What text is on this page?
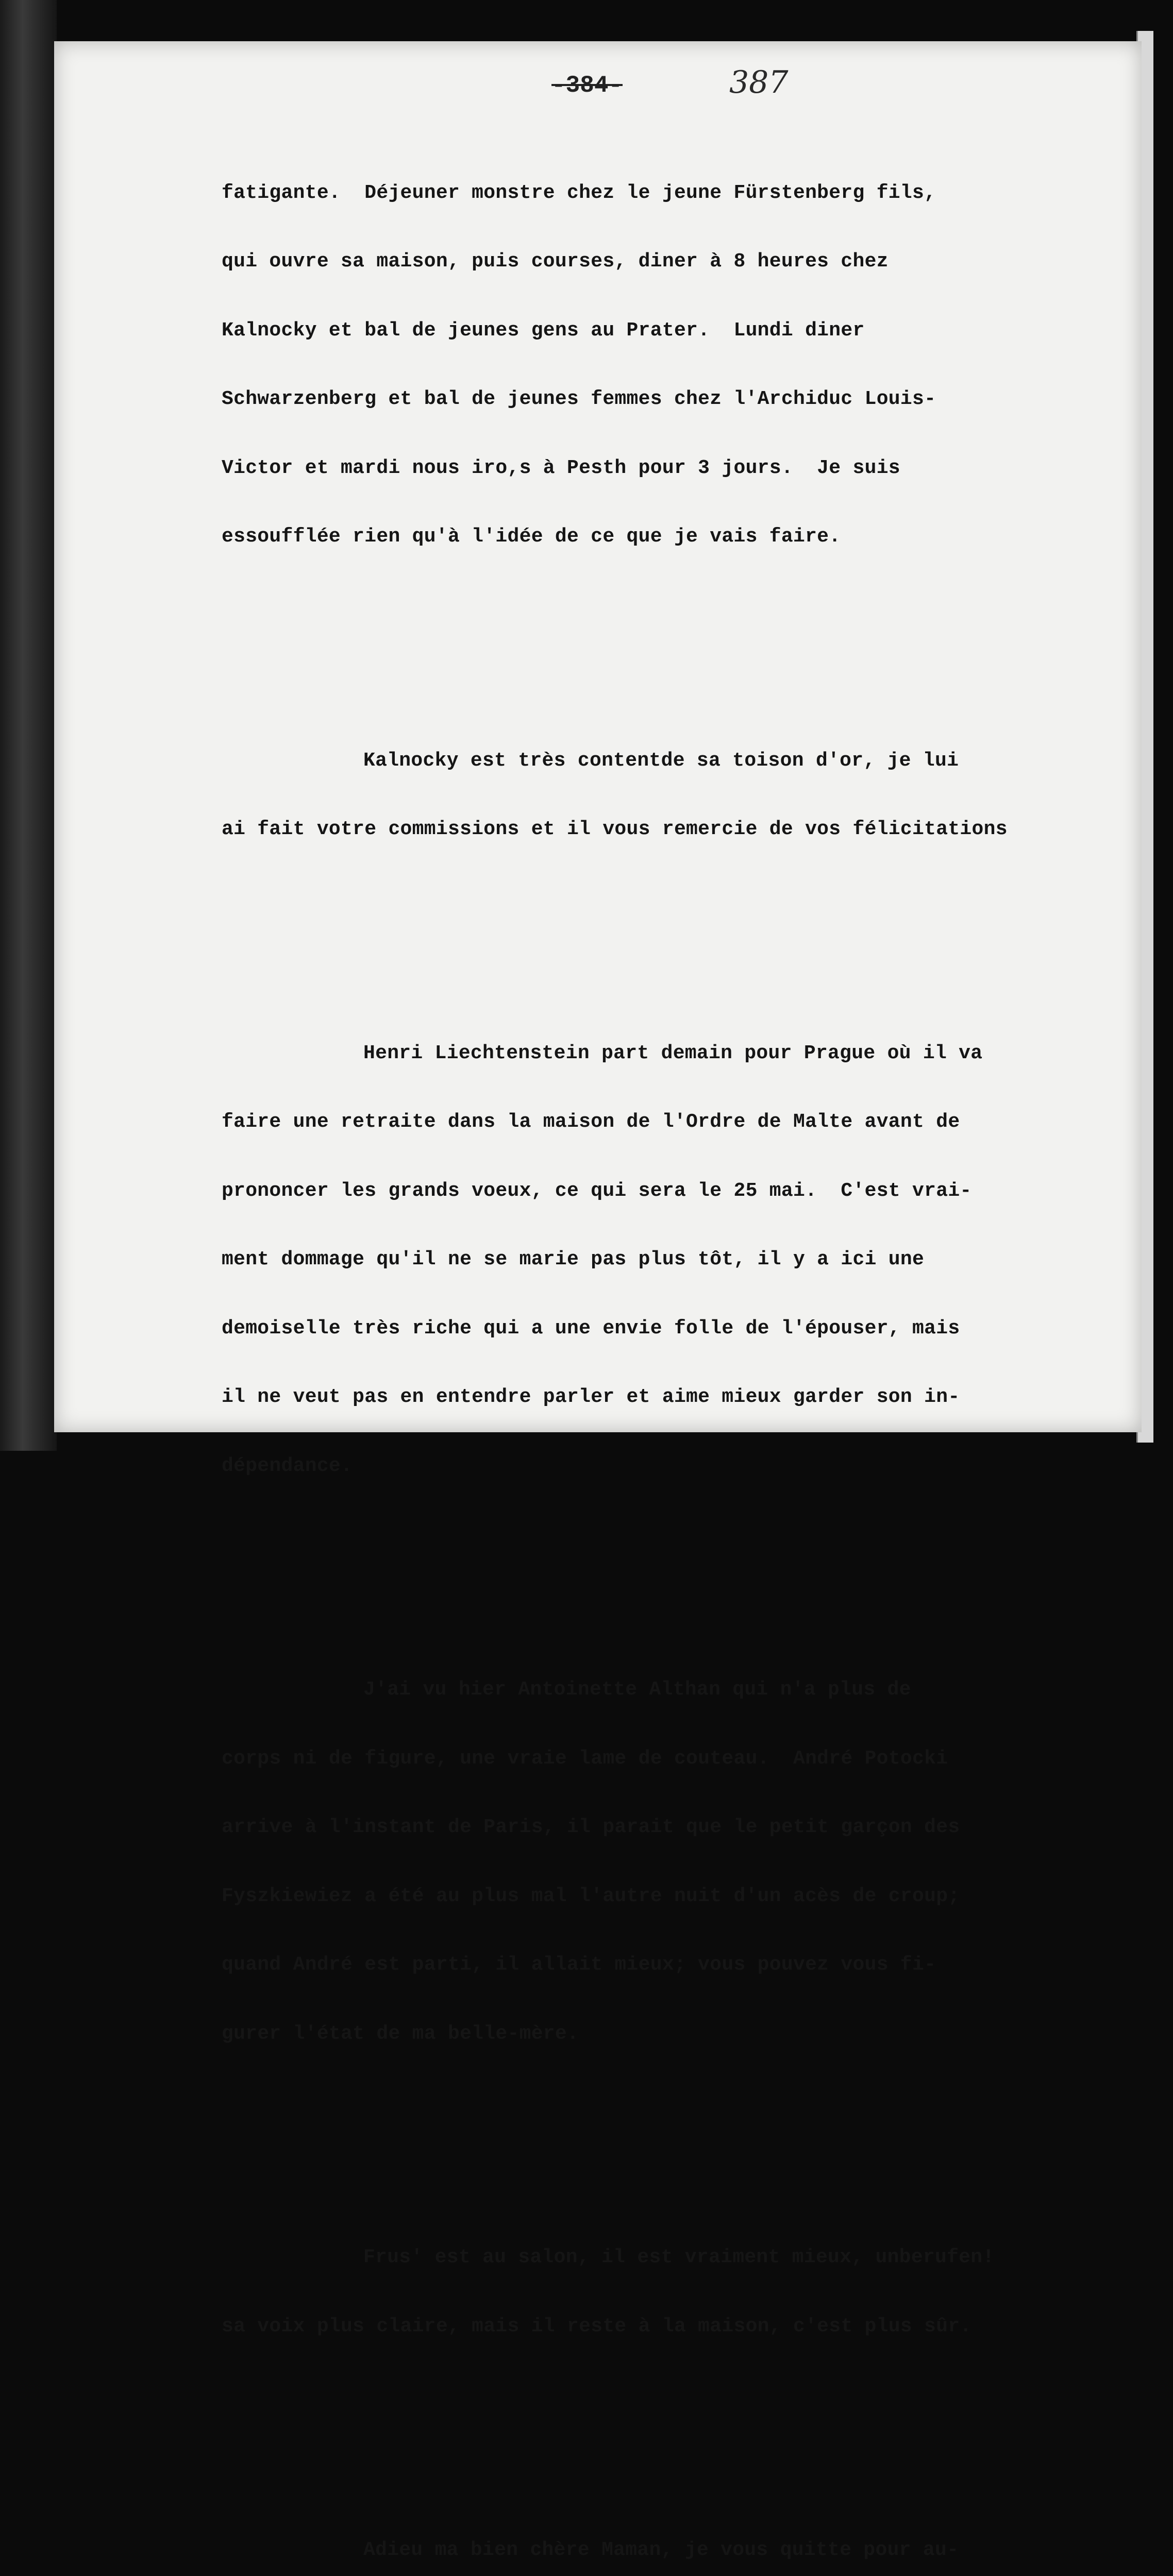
-384-	387

fatigante.  Déjeuner monstre chez le jeune Fürstenberg fils,

qui ouvre sa maison, puis courses, diner à 8 heures chez

Kalnocky et bal de jeunes gens au Prater.  Lundi diner

Schwarzenberg et bal de jeunes femmes chez l'Archiduc Louis-

Victor et mardi nous iro,s à Pesth pour 3 jours.  Je suis

essoufflée rien qu'à l'idée de ce que je vais faire.

Kalnocky est très contentde sa toison d'or, je lui

ai fait votre commissions et il vous remercie de vos félicitations

Henri Liechtenstein part demain pour Prague où il va

faire une retraite dans la maison de l'Ordre de Malte avant de

prononcer les grands voeux, ce qui sera le 25 mai.  C'est vrai-

ment dommage qu'il ne se marie pas plus tôt, il y a ici une

demoiselle très riche qui a une envie folle de l'épouser, mais

il ne veut pas en entendre parler et aime mieux garder son in-

dépendance.

J'ai vu hier Antoinette Althan qui n'a plus de

corps ni de figure, une vraie lame de couteau.  André Potocki

arrive à l'instant de Paris, il parait que le petit garçon des

Fyszkiewiez a été au plus mal l'autre nuit d'un acès de croup;

quand André est parti, il allait mieux; vous pouvez vous fi-

gurer l'état de ma belle-mère.

Frus' est au salon, il est vraiment mieux, unberufen!

sa voix plus claire, mais il reste à la maison, c'est plus sûr.

Adieu ma bien chère Maman, je vous quitte pour au-
